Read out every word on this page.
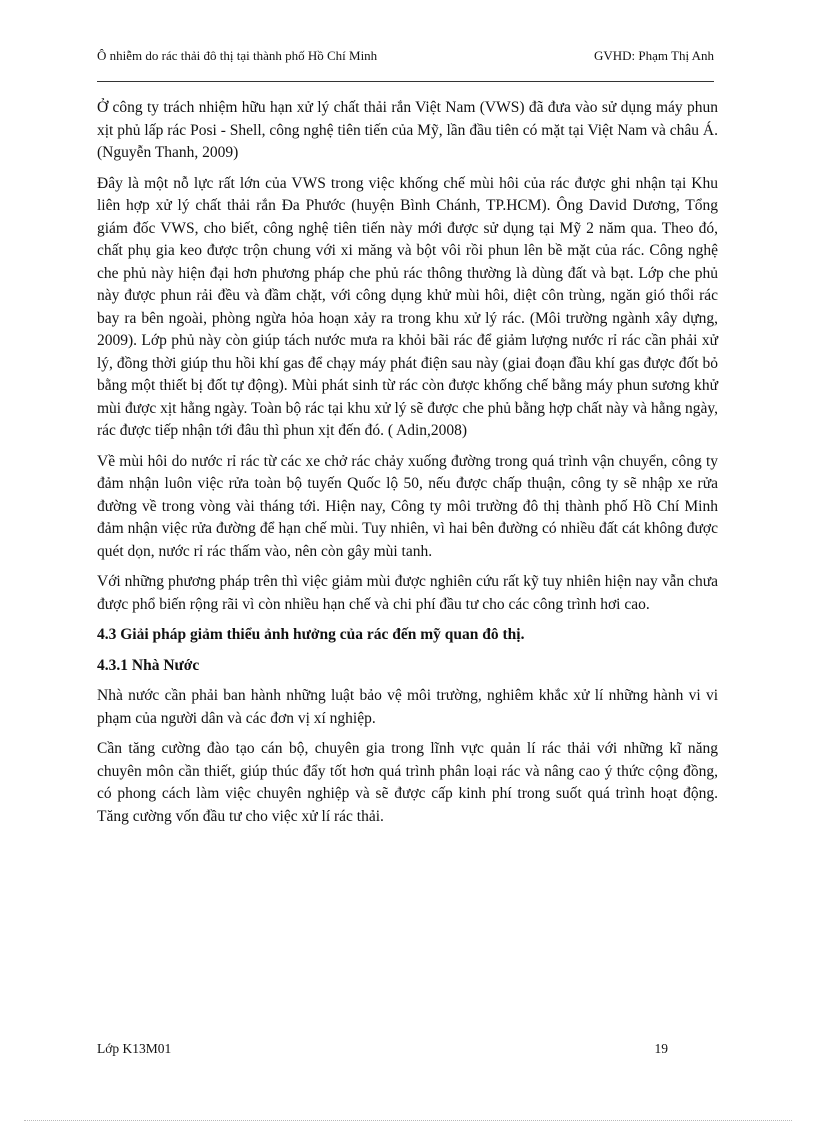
Ô nhiễm do rác thải đô thị tại thành phố Hồ Chí Minh	GVHD: Phạm Thị Anh

Ở công ty trách nhiệm hữu hạn xử lý chất thải rắn Việt Nam (VWS) đã đưa vào sử dụng máy phun xịt phủ lấp rác Posi - Shell, công nghệ tiên tiến của Mỹ, lần đầu tiên có mặt tại Việt Nam và châu Á. (Nguyễn Thanh, 2009)

Đây là một nỗ lực rất lớn của VWS trong việc khống chế mùi hôi của rác được ghi nhận tại Khu liên hợp xử lý chất thải rắn Đa Phước (huyện Bình Chánh, TP.HCM). Ông David Dương, Tổng giám đốc VWS, cho biết, công nghệ tiên tiến này mới được sử dụng tại Mỹ 2 năm qua. Theo đó, chất phụ gia keo được trộn chung với xi măng và bột vôi rồi phun lên bề mặt của rác. Công nghệ che phủ này hiện đại hơn phương pháp che phủ rác thông thường là dùng đất và bạt. Lớp che phủ này được phun rải đều và đầm chặt, với công dụng khử mùi hôi, diệt côn trùng, ngăn gió thổi rác bay ra bên ngoài, phòng ngừa hỏa hoạn xảy ra trong khu xử lý rác. (Môi trường ngành xây dựng, 2009). Lớp phủ này còn giúp tách nước mưa ra khỏi bãi rác để giảm lượng nước rỉ rác cần phải xử lý, đồng thời giúp thu hồi khí gas để chạy máy phát điện sau này (giai đoạn đầu khí gas được đốt bỏ bằng một thiết bị đốt tự động). Mùi phát sinh từ rác còn được khống chế bằng máy phun sương khử mùi được xịt hằng ngày. Toàn bộ rác tại khu xử lý sẽ được che phủ bằng hợp chất này và hằng ngày, rác được tiếp nhận tới đâu thì phun xịt đến đó. ( Adin,2008)

Về mùi hôi do nước rỉ rác từ các xe chở rác chảy xuống đường trong quá trình vận chuyển, công ty đảm nhận luôn việc rửa toàn bộ tuyến Quốc lộ 50, nếu được chấp thuận, công ty sẽ nhập xe rửa đường về trong vòng vài tháng tới. Hiện nay, Công ty môi trường đô thị thành phố Hồ Chí Minh đảm nhận việc rửa đường để hạn chế mùi. Tuy nhiên, vì hai bên đường có nhiều đất cát không được quét dọn, nước rỉ rác thấm vào, nên còn gây mùi tanh.

Với những phương pháp trên thì việc giảm mùi được nghiên cứu rất kỹ tuy nhiên hiện nay vẫn chưa được phổ biến rộng rãi vì còn nhiều hạn chế và chi phí đầu tư cho các công trình hơi cao.

4.3 Giải pháp giảm thiểu ảnh hưởng của rác đến mỹ quan đô thị.
4.3.1 Nhà Nước

Nhà nước cần phải ban hành những luật bảo vệ môi trường, nghiêm khắc xử lí những hành vi vi phạm của người dân và các đơn vị xí nghiệp.

Cần tăng cường đào tạo cán bộ, chuyên gia trong lĩnh vực quản lí rác thải với những kĩ năng chuyên môn cần thiết, giúp thúc đẩy tốt hơn quá trình phân loại rác và nâng cao ý thức cộng đồng, có phong cách làm việc chuyên nghiệp và sẽ được cấp kinh phí trong suốt quá trình hoạt động. Tăng cường vốn đầu tư cho việc xử lí rác thải.

Lớp K13M01	19
